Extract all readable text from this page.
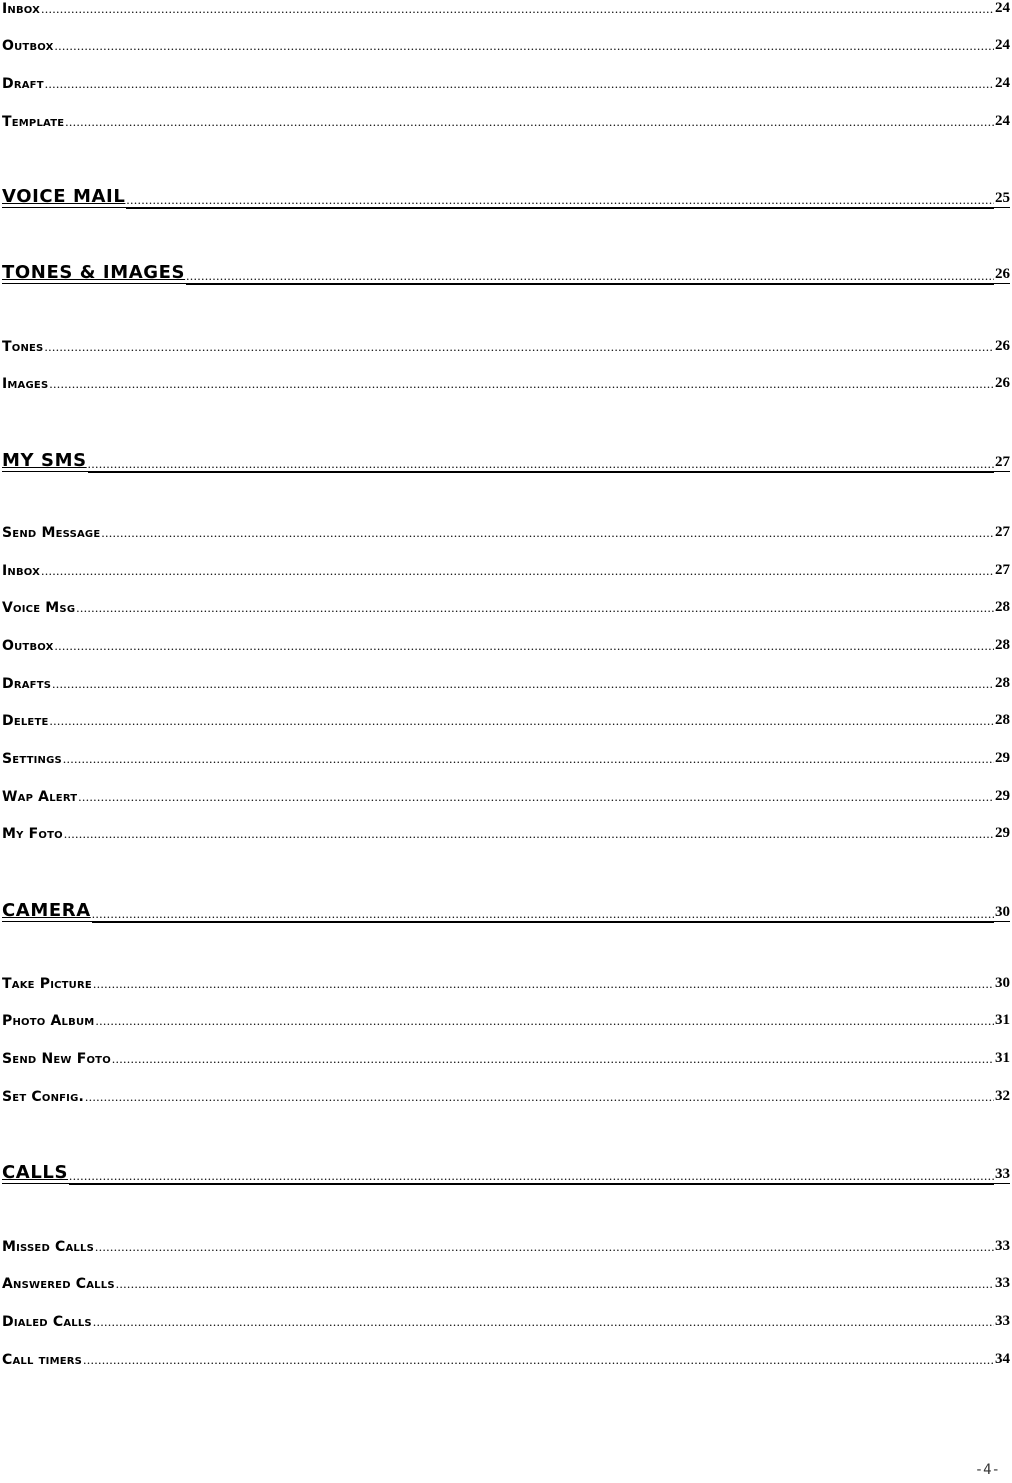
Inbox .....	24
Outbox .....	24
Draft .....	24
Template .....	24
VOICE MAIL .....	25
TONES & IMAGES .....	26
Tones .....	26
Images .....	26
MY SMS .....	27
Send Message .....	27
Inbox .....	27
Voice Msg .....	28
Outbox .....	28
Drafts .....	28
Delete .....	28
Settings .....	29
Wap Alert .....	29
My Foto .....	29
CAMERA .....	30
Take Picture .....	30
Photo Album .....	31
Send New Foto .....	31
Set Config. .....	32
CALLS .....	33
Missed Calls .....	33
Answered Calls .....	33
Dialed Calls .....	33
Call timers .....	34
-4-
